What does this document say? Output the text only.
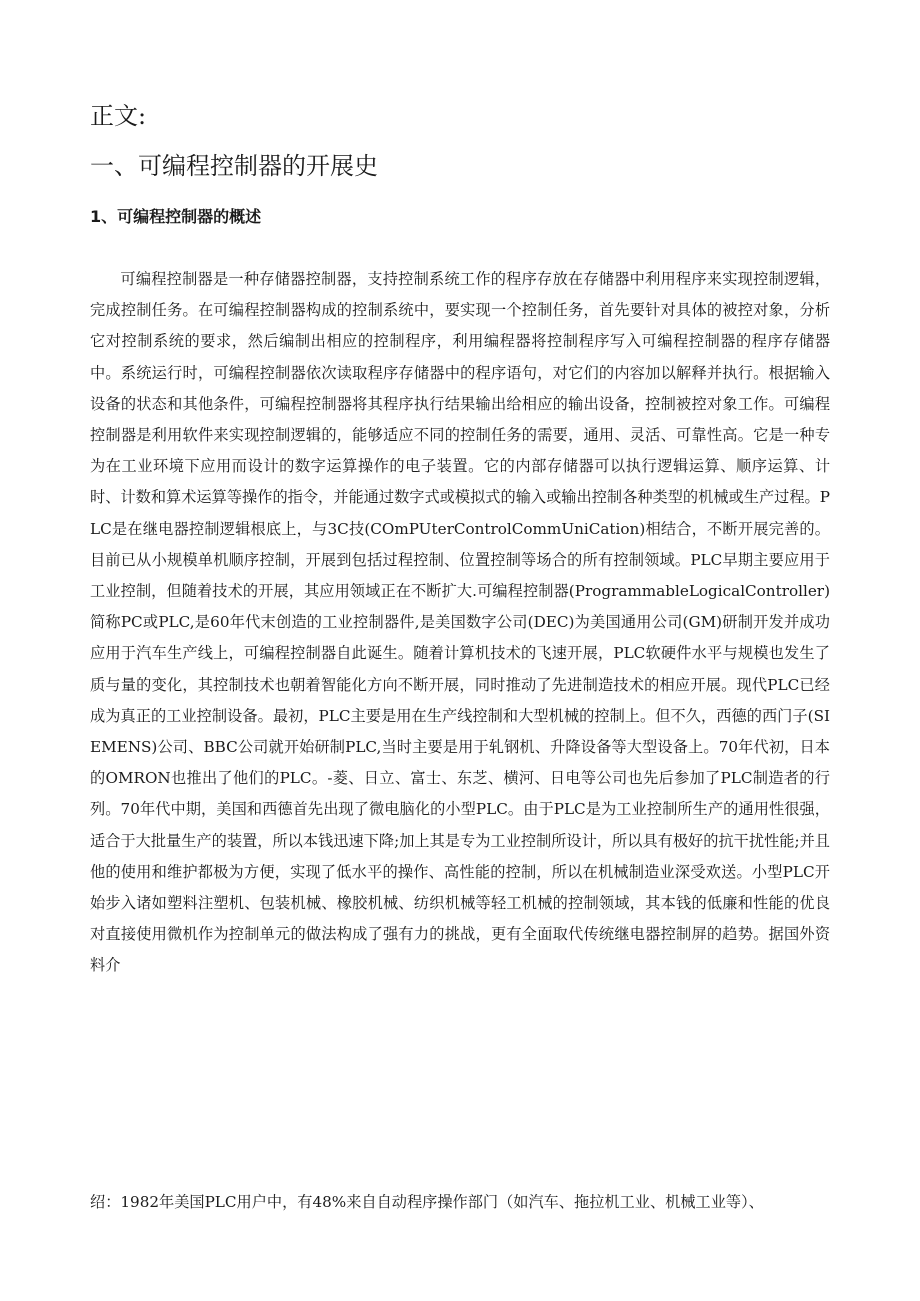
正文:
一、可编程控制器的开展史
1、可编程控制器的概述

可编程控制器是一种存储器控制器，支持控制系统工作的程序存放在存储器中利用程序来实现控制逻辑，完成控制任务。在可编程控制器构成的控制系统中，要实现一个控制任务，首先要针对具体的被控对象，分析它对控制系统的要求，然后编制出相应的控制程序，利用编程器将控制程序写入可编程控制器的程序存储器中。系统运行时，可编程控制器依次读取程序存储器中的程序语句，对它们的内容加以解释并执行。根据输入设备的状态和其他条件，可编程控制器将其程序执行结果输出给相应的输出设备，控制被控对象工作。可编程控制器是利用软件来实现控制逻辑的，能够适应不同的控制任务的需要，通用、灵活、可靠性高。它是一种专为在工业环境下应用而设计的数字运算操作的电子装置。它的内部存储器可以执行逻辑运算、顺序运算、计时、计数和算术运算等操作的指令，并能通过数字式或模拟式的输入或输出控制各种类型的机械或生产过程。PLC是在继电器控制逻辑根底上，与3C技(COmPUterControlCommUniCation)相结合，不断开展完善的。目前已从小规模单机顺序控制，开展到包括过程控制、位置控制等场合的所有控制领域。PLC早期主要应用于工业控制，但随着技术的开展，其应用领域正在不断扩大.可编程控制器(ProgrammableLogicalController)简称PC或PLC,是60年代末创造的工业控制器件,是美国数字公司(DEC)为美国通用公司(GM)研制开发并成功应用于汽车生产线上，可编程控制器自此诞生。随着计算机技术的飞速开展，PLC软硬件水平与规模也发生了质与量的变化，其控制技术也朝着智能化方向不断开展，同时推动了先进制造技术的相应开展。现代PLC已经成为真正的工业控制设备。最初，PLC主要是用在生产线控制和大型机械的控制上。但不久，西德的西门子(SIEMENS)公司、BBC公司就开始研制PLC,当时主要是用于轧钢机、升降设备等大型设备上。70年代初，日本的OMRON也推出了他们的PLC。-菱、日立、富士、东芝、横河、日电等公司也先后参加了PLC制造者的行列。70年代中期，美国和西德首先出现了微电脑化的小型PLC。由于PLC是为工业控制所生产的通用性很强，适合于大批量生产的装置，所以本钱迅速下降;加上其是专为工业控制所设计，所以具有极好的抗干扰性能;并且他的使用和维护都极为方便，实现了低水平的操作、高性能的控制，所以在机械制造业深受欢送。小型PLC开始步入诸如塑料注塑机、包装机械、橡胶机械、纺织机械等轻工机械的控制领域，其本钱的低廉和性能的优良对直接使用微机作为控制单元的做法构成了强有力的挑战，更有全面取代传统继电器控制屏的趋势。据国外资料介

绍：1982年美国PLC用户中，有48%来自自动程序操作部门（如汽车、拖拉机工业、机械工业等）、
